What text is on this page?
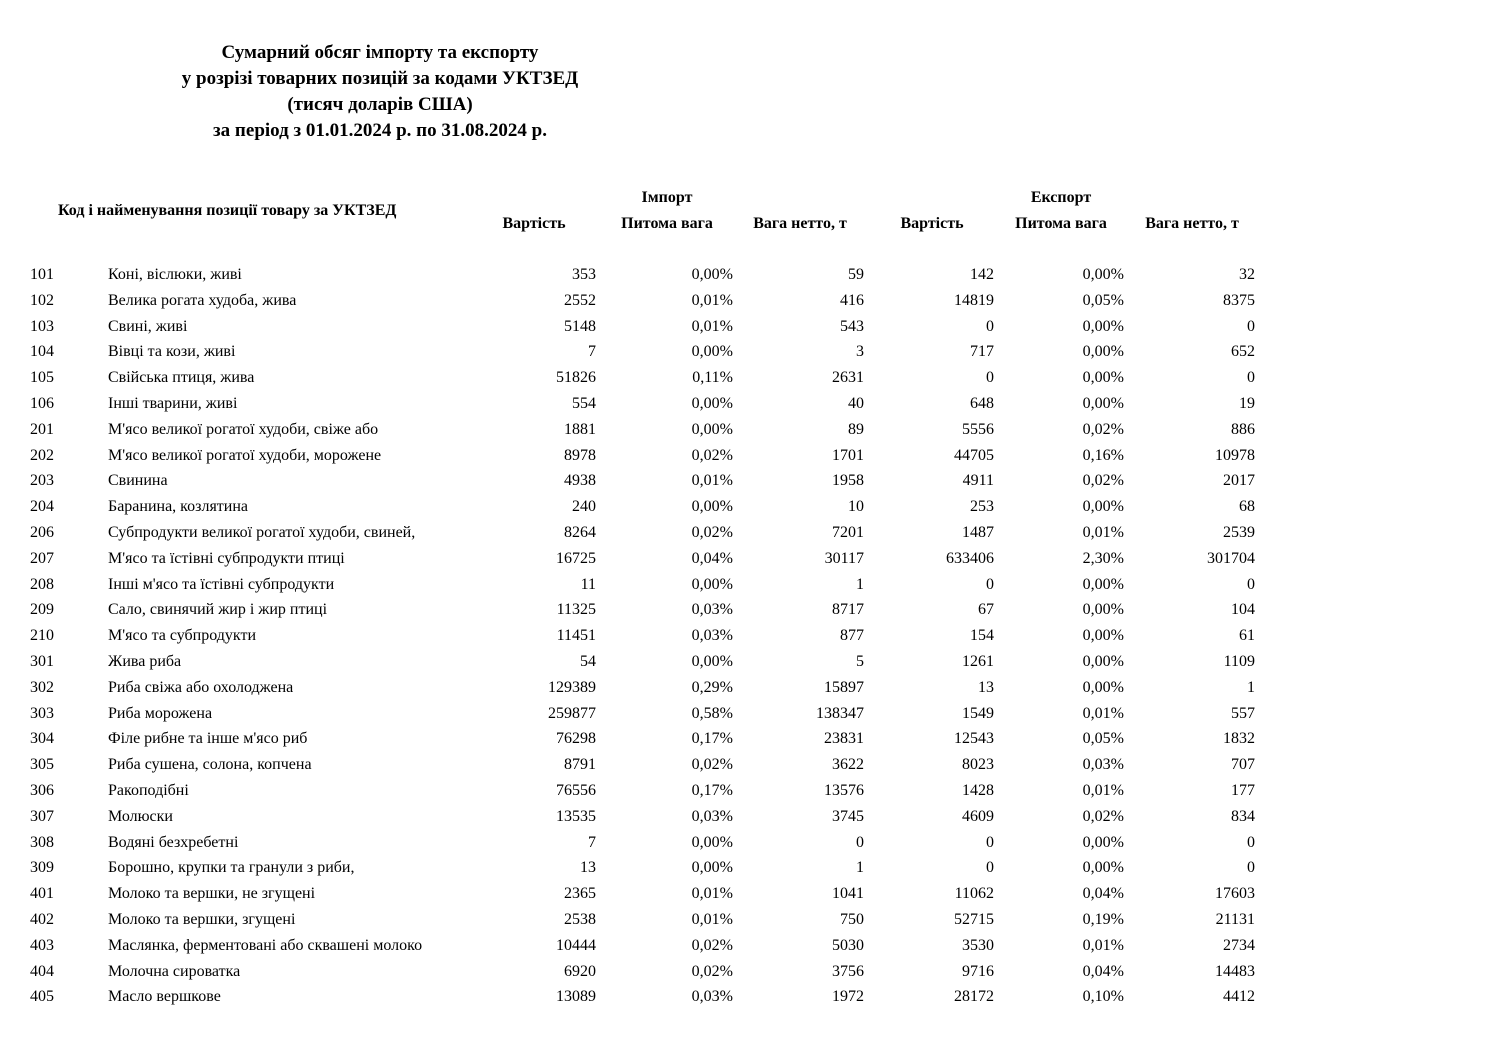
Сумарний обсяг імпорту та експорту
у розрізі товарних позицій за кодами УКТЗЕД
(тисяч доларів США)
за період з 01.01.2024 р. по 31.08.2024 р.
Код і найменування позиції товару за УКТЗЕД
Імпорт	Експорт
Вартість	Питома вага	Вага нетто, т	Вартість	Питома вага	Вага нетто, т
101	Коні, віслюки, живі	353	0,00%	59	142	0,00%	32
102	Велика рогата худоба, жива	2552	0,01%	416	14819	0,05%	8375
103	Свині, живі	5148	0,01%	543	0	0,00%	0
104	Вівці та кози, живі	7	0,00%	3	717	0,00%	652
105	Свійська птиця, жива	51826	0,11%	2631	0	0,00%	0
106	Інші тварини, живі	554	0,00%	40	648	0,00%	19
201	М'ясо великої рогатої худоби, свіже або	1881	0,00%	89	5556	0,02%	886
202	М'ясо великої рогатої худоби, морожене	8978	0,02%	1701	44705	0,16%	10978
203	Свинина	4938	0,01%	1958	4911	0,02%	2017
204	Баранина, козлятина	240	0,00%	10	253	0,00%	68
206	Субпродукти великої рогатої худоби, свиней,	8264	0,02%	7201	1487	0,01%	2539
207	М'ясо та їстівні субпродукти птиці	16725	0,04%	30117	633406	2,30%	301704
208	Інші м'ясо та їстівні субпродукти	11	0,00%	1	0	0,00%	0
209	Сало, свинячий жир і жир птиці	11325	0,03%	8717	67	0,00%	104
210	М'ясо та субпродукти	11451	0,03%	877	154	0,00%	61
301	Жива риба	54	0,00%	5	1261	0,00%	1109
302	Риба свіжа або охолоджена	129389	0,29%	15897	13	0,00%	1
303	Риба морожена	259877	0,58%	138347	1549	0,01%	557
304	Філе рибне та інше м'ясо риб	76298	0,17%	23831	12543	0,05%	1832
305	Риба сушена, солона, копчена	8791	0,02%	3622	8023	0,03%	707
306	Ракоподібні	76556	0,17%	13576	1428	0,01%	177
307	Молюски	13535	0,03%	3745	4609	0,02%	834
308	Водяні безхребетні	7	0,00%	0	0	0,00%	0
309	Борошно, крупки та гранули з риби,	13	0,00%	1	0	0,00%	0
401	Молоко та вершки, не згущені	2365	0,01%	1041	11062	0,04%	17603
402	Молоко та вершки, згущені	2538	0,01%	750	52715	0,19%	21131
403	Маслянка, ферментовані або сквашені молоко	10444	0,02%	5030	3530	0,01%	2734
404	Молочна сироватка	6920	0,02%	3756	9716	0,04%	14483
405	Масло вершкове	13089	0,03%	1972	28172	0,10%	4412
